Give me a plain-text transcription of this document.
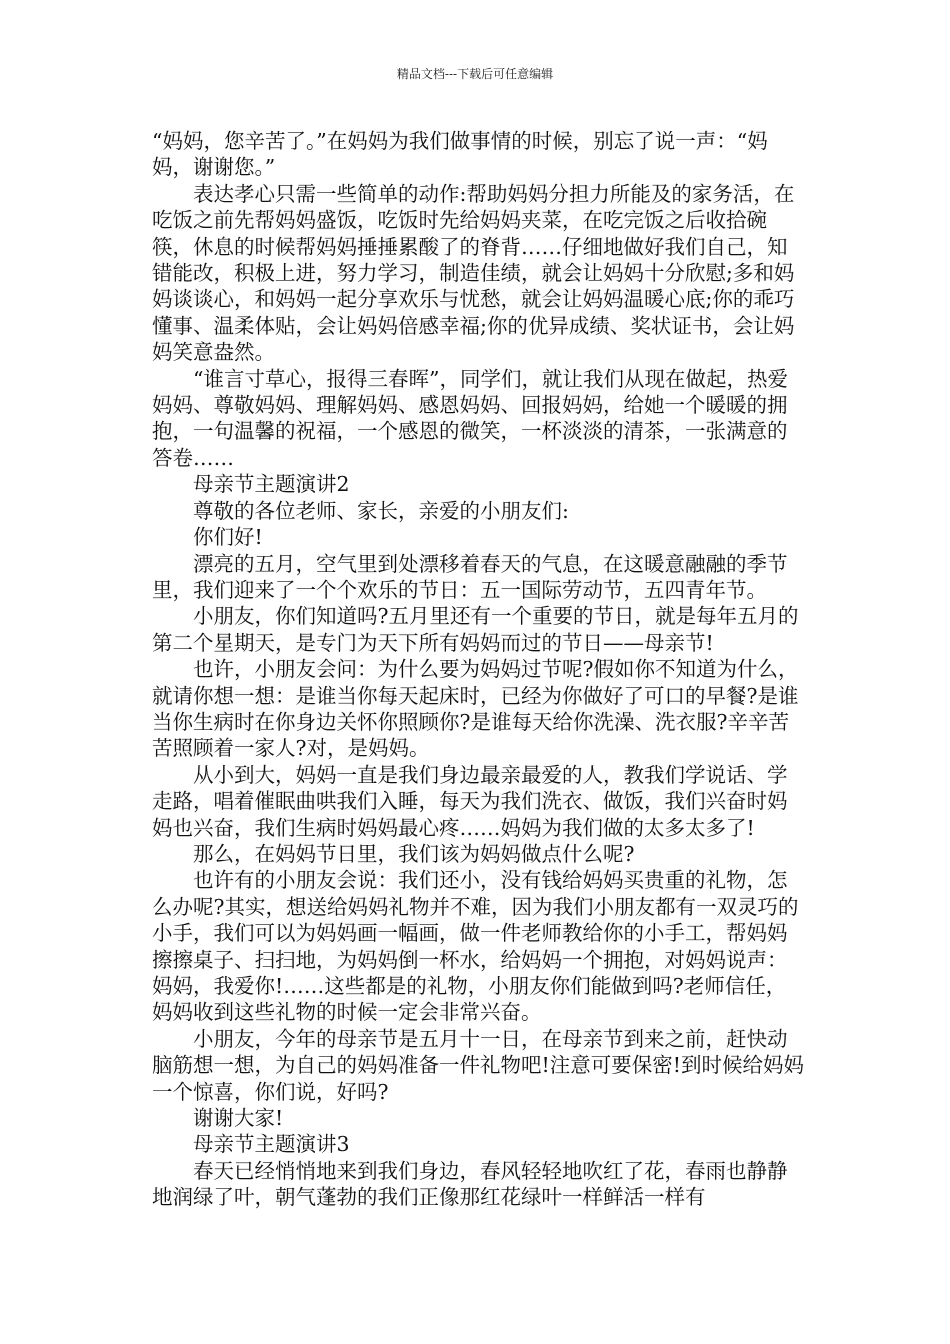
精品文档---下载后可任意编辑

“妈妈，您辛苦了。”在妈妈为我们做事情的时候，别忘了说一声：“妈妈，谢谢您。”

表达孝心只需一些简单的动作:帮助妈妈分担力所能及的家务活，在吃饭之前先帮妈妈盛饭，吃饭时先给妈妈夹菜，在吃完饭之后收拾碗筷，休息的时候帮妈妈捶捶累酸了的脊背……仔细地做好我们自己，知错能改，积极上进，努力学习，制造佳绩，就会让妈妈十分欣慰;多和妈妈谈谈心，和妈妈一起分享欢乐与忧愁，就会让妈妈温暖心底;你的乖巧懂事、温柔体贴，会让妈妈倍感幸福;你的优异成绩、奖状证书，会让妈妈笑意盎然。

“谁言寸草心，报得三春晖”，同学们，就让我们从现在做起，热爱妈妈、尊敬妈妈、理解妈妈、感恩妈妈、回报妈妈，给她一个暖暖的拥抱，一句温馨的祝福，一个感恩的微笑，一杯淡淡的清茶，一张满意的答卷……

母亲节主题演讲2

尊敬的各位老师、家长，亲爱的小朋友们:

你们好!

漂亮的五月，空气里到处漂移着春天的气息，在这暖意融融的季节里，我们迎来了一个个欢乐的节日：五一国际劳动节，五四青年节。

小朋友，你们知道吗?五月里还有一个重要的节日，就是每年五月的第二个星期天，是专门为天下所有妈妈而过的节日——母亲节!

也许，小朋友会问：为什么要为妈妈过节呢?假如你不知道为什么，就请你想一想：是谁当你每天起床时，已经为你做好了可口的早餐?是谁当你生病时在你身边关怀你照顾你?是谁每天给你洗澡、洗衣服?辛辛苦苦照顾着一家人?对，是妈妈。

从小到大，妈妈一直是我们身边最亲最爱的人，教我们学说话、学走路，唱着催眠曲哄我们入睡，每天为我们洗衣、做饭，我们兴奋时妈妈也兴奋，我们生病时妈妈最心疼……妈妈为我们做的太多太多了!

那么，在妈妈节日里，我们该为妈妈做点什么呢?

也许有的小朋友会说：我们还小，没有钱给妈妈买贵重的礼物，怎么办呢?其实，想送给妈妈礼物并不难，因为我们小朋友都有一双灵巧的小手，我们可以为妈妈画一幅画，做一件老师教给你的小手工，帮妈妈擦擦桌子、扫扫地，为妈妈倒一杯水，给妈妈一个拥抱，对妈妈说声：妈妈，我爱你!……这些都是的礼物，小朋友你们能做到吗?老师信任，妈妈收到这些礼物的时候一定会非常兴奋。

小朋友，今年的母亲节是五月十一日，在母亲节到来之前，赶快动脑筋想一想，为自己的妈妈准备一件礼物吧!注意可要保密!到时候给妈妈一个惊喜，你们说，好吗?

谢谢大家!

母亲节主题演讲3

春天已经悄悄地来到我们身边，春风轻轻地吹红了花，春雨也静静地润绿了叶，朝气蓬勃的我们正像那红花绿叶一样鲜活一样有
